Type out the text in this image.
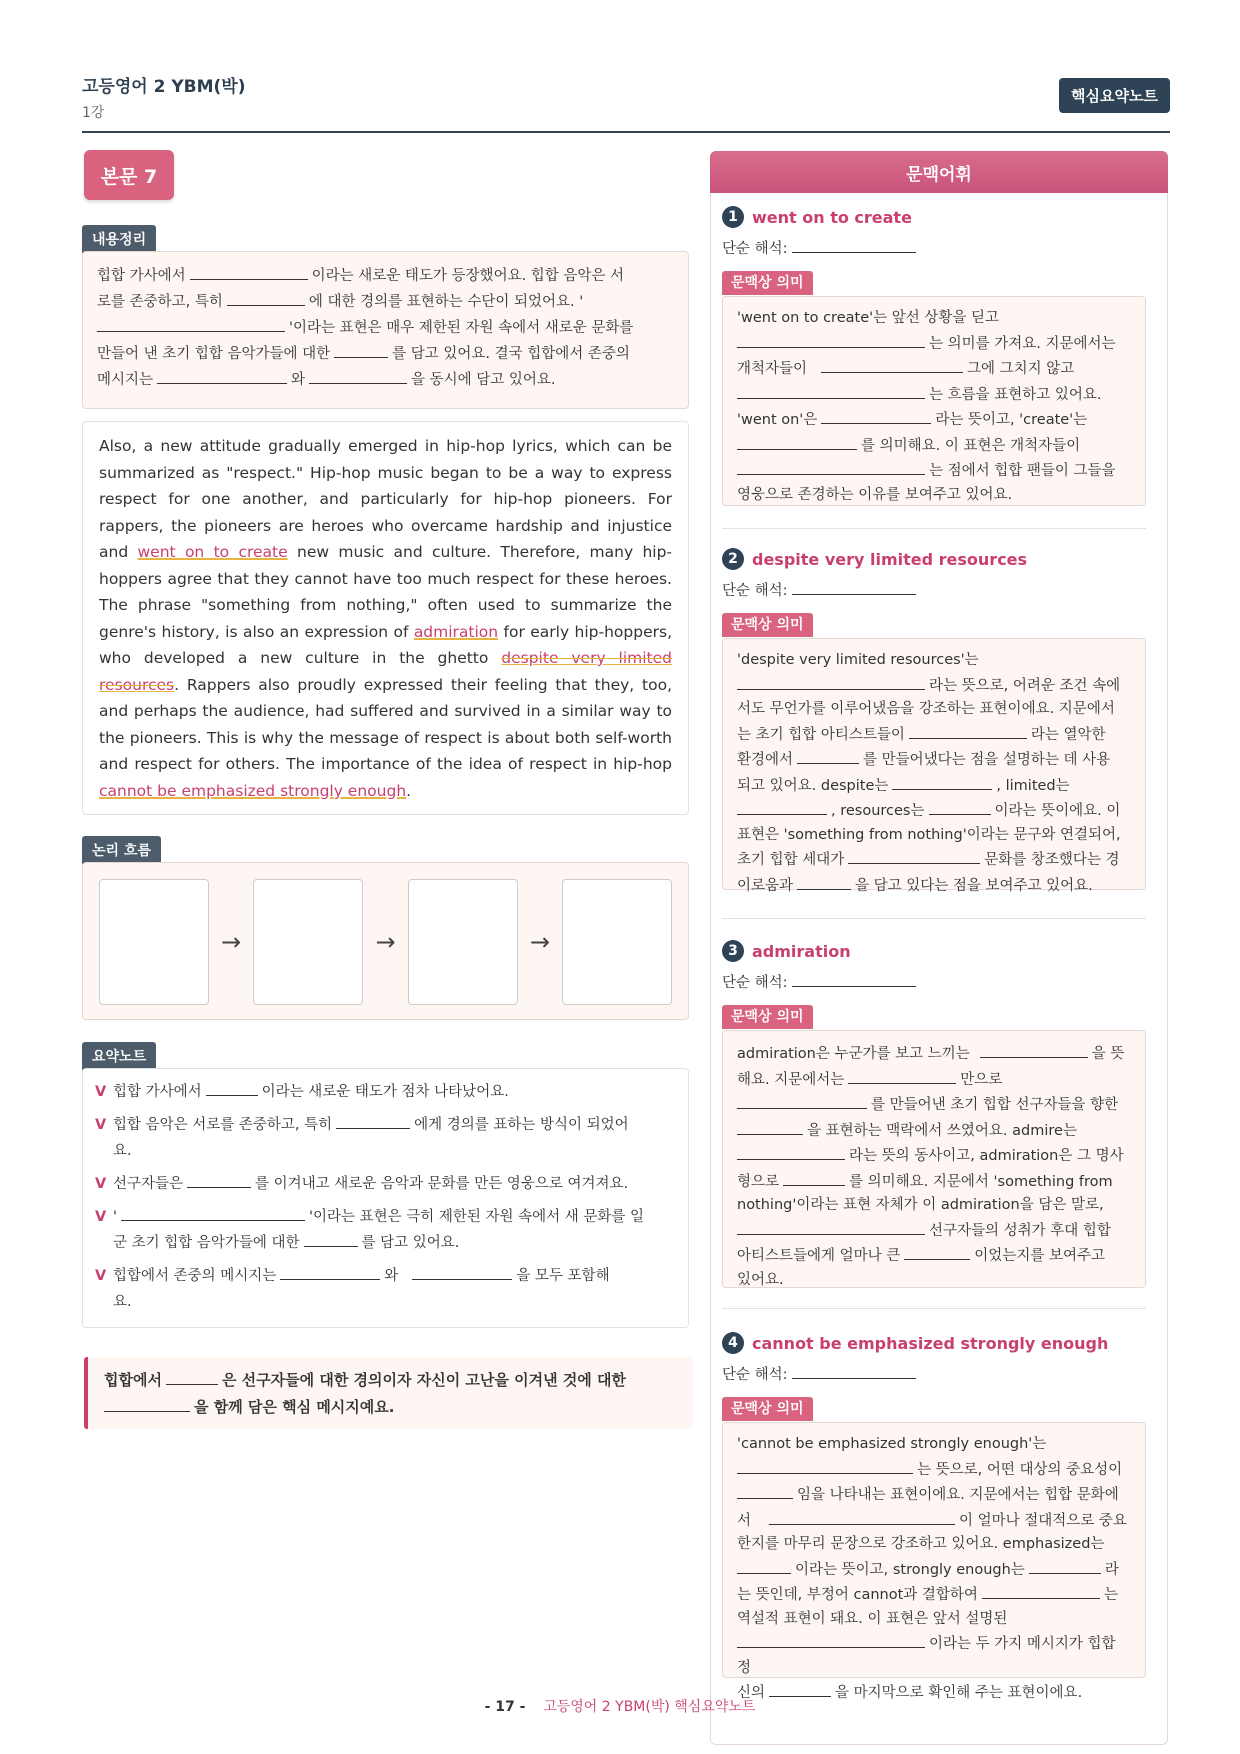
고등영어 2 YBM(박)
1강
핵심요약노트
본문 7
내용정리
힙합 가사에서	이라는 새로운 태도가 등장했어요. 힙합 음악은 서
로를 존중하고, 특히	에 대한 경의를 표현하는 수단이 되었어요. '
'이라는 표현은 매우 제한된 자원 속에서 새로운 문화를
만들어 낸 초기 힙합 음악가들에 대한	를 담고 있어요. 결국 힙합에서 존중의
메시지는	와	을 동시에 담고 있어요.
Also, a new attitude gradually emerged in hip-hop lyrics, which can be summarized as "respect." Hip-hop music began to be a way to express respect for one another, and particularly for hip-hop pioneers. For rappers, the pioneers are heroes who overcame hardship and injustice and went on to create new music and culture. Therefore, many hip-hoppers agree that they cannot have too much respect for these heroes. The phrase "something from nothing," often used to summarize the genre's history, is also an expression of admiration for early hip-hoppers, who developed a new culture in the ghetto despite very limited resources. Rappers also proudly expressed their feeling that they, too, and perhaps the audience, had suffered and survived in a similar way to the pioneers. This is why the message of respect is about both self-worth and respect for others. The importance of the idea of respect in hip-hop cannot be emphasized strongly enough.
논리 흐름
→	→	→
요약노트
V 힙합 가사에서	이라는 새로운 태도가 점차 나타났어요.
V 힙합 음악은 서로를 존중하고, 특히	에게 경의를 표하는 방식이 되었어
요.
V 선구자들은	를 이겨내고 새로운 음악과 문화를 만든 영웅으로 여겨져요.
V '	'이라는 표현은 극히 제한된 자원 속에서 새 문화를 일
군 초기 힙합 음악가들에 대한	를 담고 있어요.
V 힙합에서 존중의 메시지는	와	을 모두 포함해
요.
힙합에서	은 선구자들에 대한 경의이자 자신이 고난을 이겨낸 것에 대한
을 함께 담은 핵심 메시지예요.
문맥어휘
1 went on to create
단순 해석:
문맥상 의미
'went on to create'는 앞선 상황을 딛고
는 의미를 가져요. 지문에서는
개척자들이	그에 그치지 않고
는 흐름을 표현하고 있어요.
'went on'은	라는 뜻이고, 'create'는
를 의미해요. 이 표현은 개척자들이
는 점에서 힙합 팬들이 그들을
영웅으로 존경하는 이유를 보여주고 있어요.
2 despite very limited resources
단순 해석:
문맥상 의미
'despite very limited resources'는
라는 뜻으로, 어려운 조건 속에
서도 무언가를 이루어냈음을 강조하는 표현이에요. 지문에서
는 초기 힙합 아티스트들이	라는 열악한
환경에서	를 만들어냈다는 점을 설명하는 데 사용
되고 있어요. despite는	, limited는
, resources는	이라는 뜻이에요. 이
표현은 'something from nothing'이라는 문구와 연결되어,
초기 힙합 세대가	문화를 창조했다는 경
이로움과	을 담고 있다는 점을 보여주고 있어요.
3 admiration
단순 해석:
문맥상 의미
admiration은 누군가를 보고 느끼는	을 뜻
해요. 지문에서는	만으로
를 만들어낸 초기 힙합 선구자들을 향한
을 표현하는 맥락에서 쓰였어요. admire는
라는 뜻의 동사이고, admiration은 그 명사
형으로	를 의미해요. 지문에서 'something from
nothing'이라는 표현 자체가 이 admiration을 담은 말로,
선구자들의 성취가 후대 힙합
아티스트들에게 얼마나 큰	이었는지를 보여주고
있어요.
4 cannot be emphasized strongly enough
단순 해석:
문맥상 의미
'cannot be emphasized strongly enough'는
는 뜻으로, 어떤 대상의 중요성이
임을 나타내는 표현이에요. 지문에서는 힙합 문화에
서	이 얼마나 절대적으로 중요
한지를 마무리 문장으로 강조하고 있어요. emphasized는
이라는 뜻이고, strongly enough는	라
는 뜻인데, 부정어 cannot과 결합하여	는
역설적 표현이 돼요. 이 표현은 앞서 설명된
이라는 두 가지 메시지가 힙합 정
신의	을 마지막으로 확인해 주는 표현이에요.
- 17 - 고등영어 2 YBM(박) 핵심요약노트
